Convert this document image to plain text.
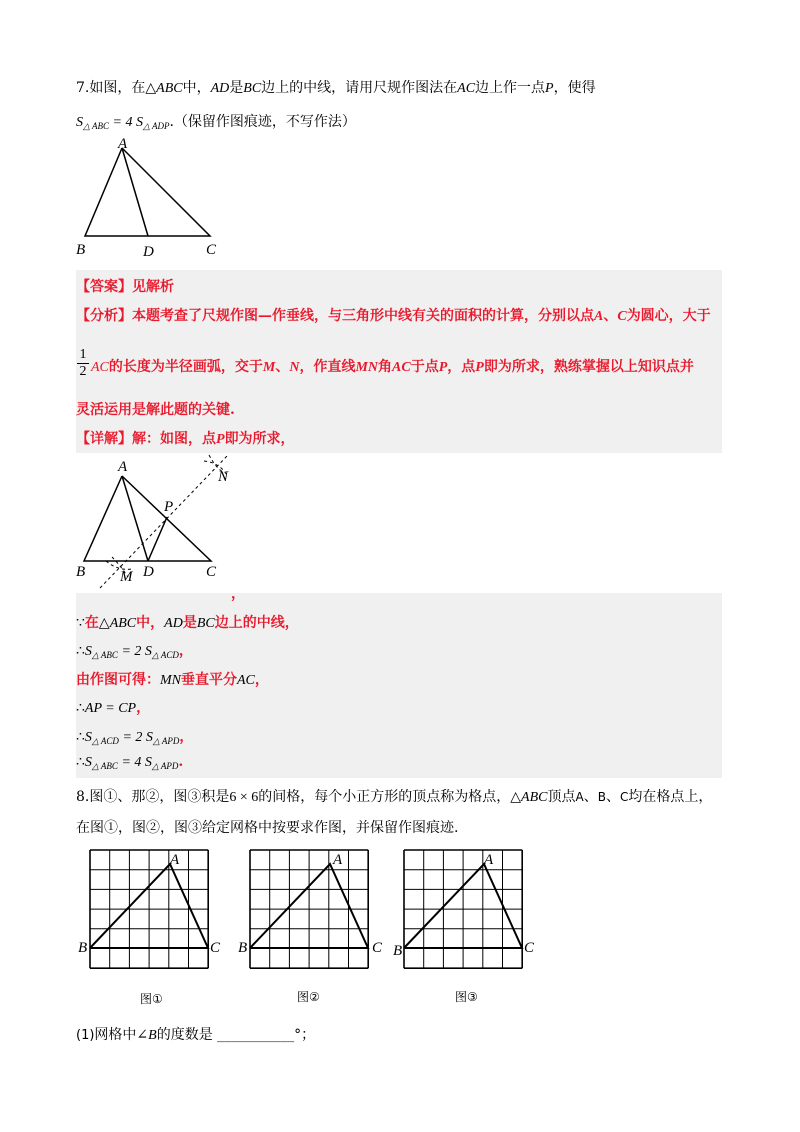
7.如图，在△ABC中，AD是BC边上的中线，请用尺规作图法在AC边上作一点P，使得
$S_{\triangle ABC} = 4$ $S_{\triangle ADP}$.（保留作图痕迹，不写作法）
A
B	D	C
【答案】见解析
【分析】本题考查了尺规作图—作垂线，与三角形中线有关的面积的计算，分别以点A、C为圆心，大于
1
2 AC的长度为半径画弧，交于M、N，作直线MN角AC于点P，点P即为所求，熟练掌握以上知识点并
灵活运用是解此题的关键.
【详解】解：如图，点P即为所求，
A
N
P
B M D	C
，
∵在△ABC中，AD是BC边上的中线，
$\therefore S_{\triangle ABC} = 2$ $S_{\triangle ACD}$，
由作图可得：MN垂直平分AC，
∴AP = CP，
$\therefore S_{\triangle ACD} = 2$ $S_{\triangle APD}$，
$\therefore S_{\triangle ABC} = 4$ $S_{\triangle APD}$.
8.图①、那②，图③积是6 × 6的间格，每个小正方形的顶点称为格点，△ABC顶点A、B、C均在格点上，
在图①，图②，图③给定网格中按要求作图，并保留作图痕迹.
A
B	C
A
B	C
A
B	C
图①	图②	图③
(1)网格中∠B的度数是 ___________°；
